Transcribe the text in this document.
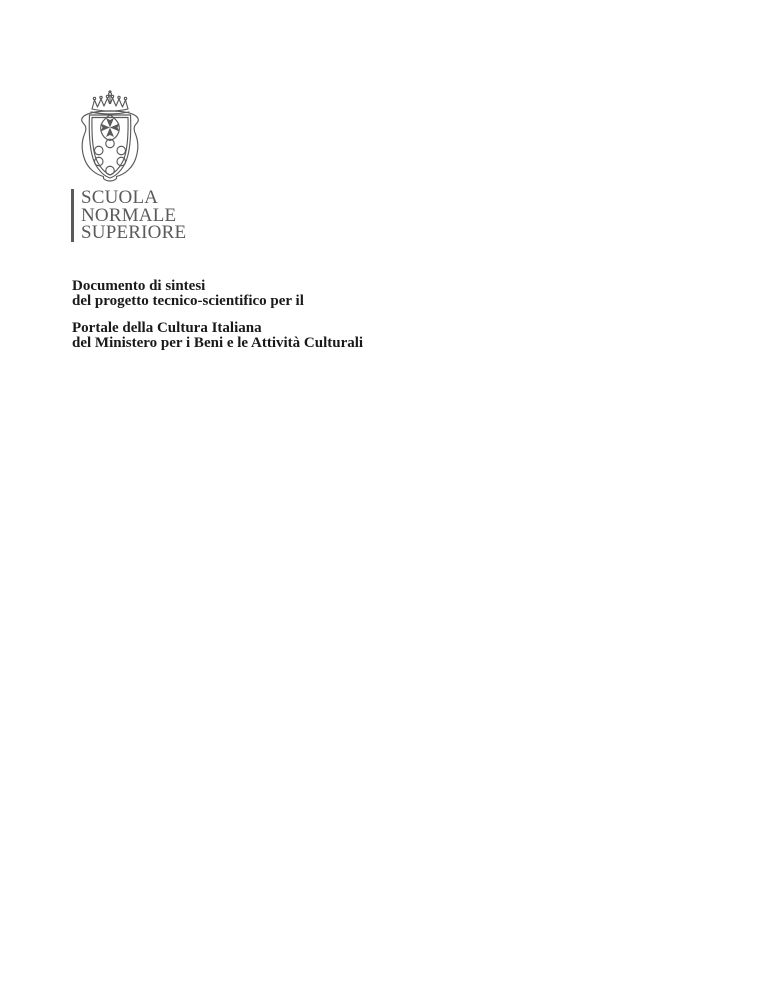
SCUOLA
NORMALE
SUPERIORE

Documento di sintesi
del progetto tecnico-scientifico per il

Portale della Cultura Italiana
del Ministero per i Beni e le Attività Culturali
